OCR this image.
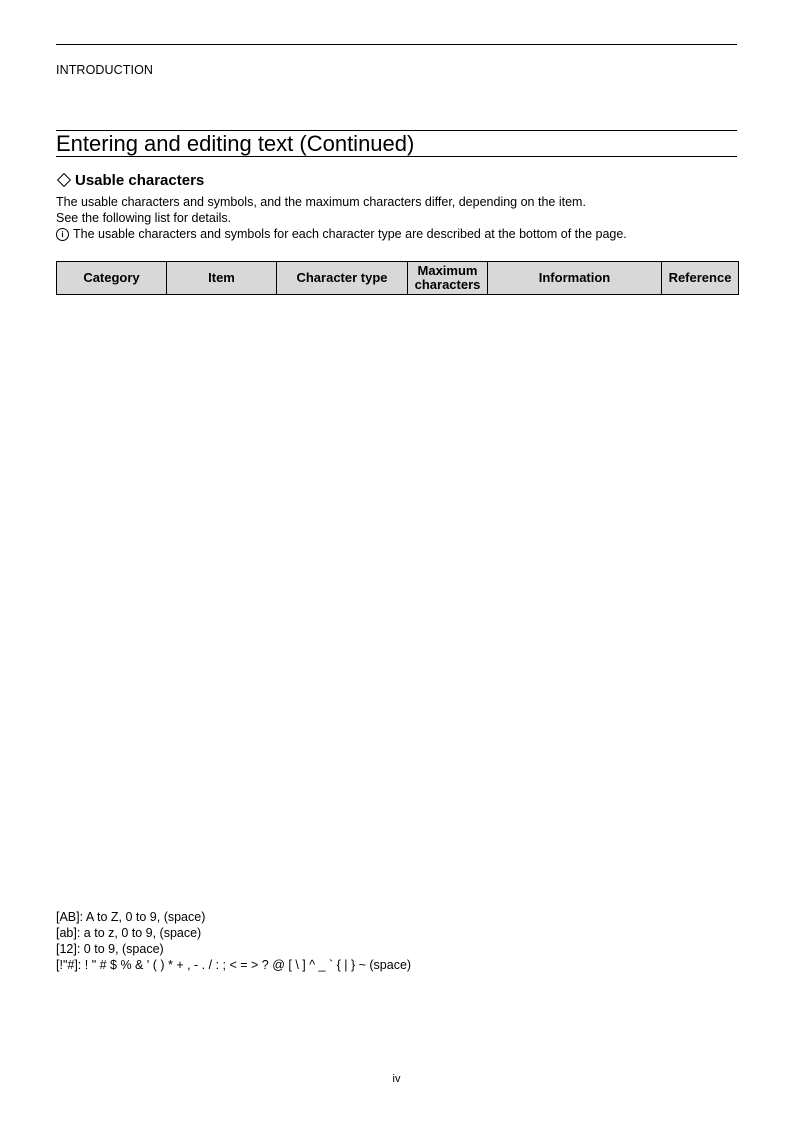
INTRODUCTION
Entering and editing text (Continued)
Usable characters
The usable characters and symbols, and the maximum characters differ, depending on the item.
See the following list for details.
i The usable characters and symbols for each character type are described at the bottom of the page.
Category	Item	Character type	Maximum characters	Information	Reference
[AB]: A to Z, 0 to 9, (space)
[ab]: a to z, 0 to 9, (space)
[12]: 0 to 9, (space)
[!"#]: ! " # $ % & ' ( ) * + , - . / : ; < = > ? @ [ \ ] ^ _ ` { | } ~ (space)
iv
